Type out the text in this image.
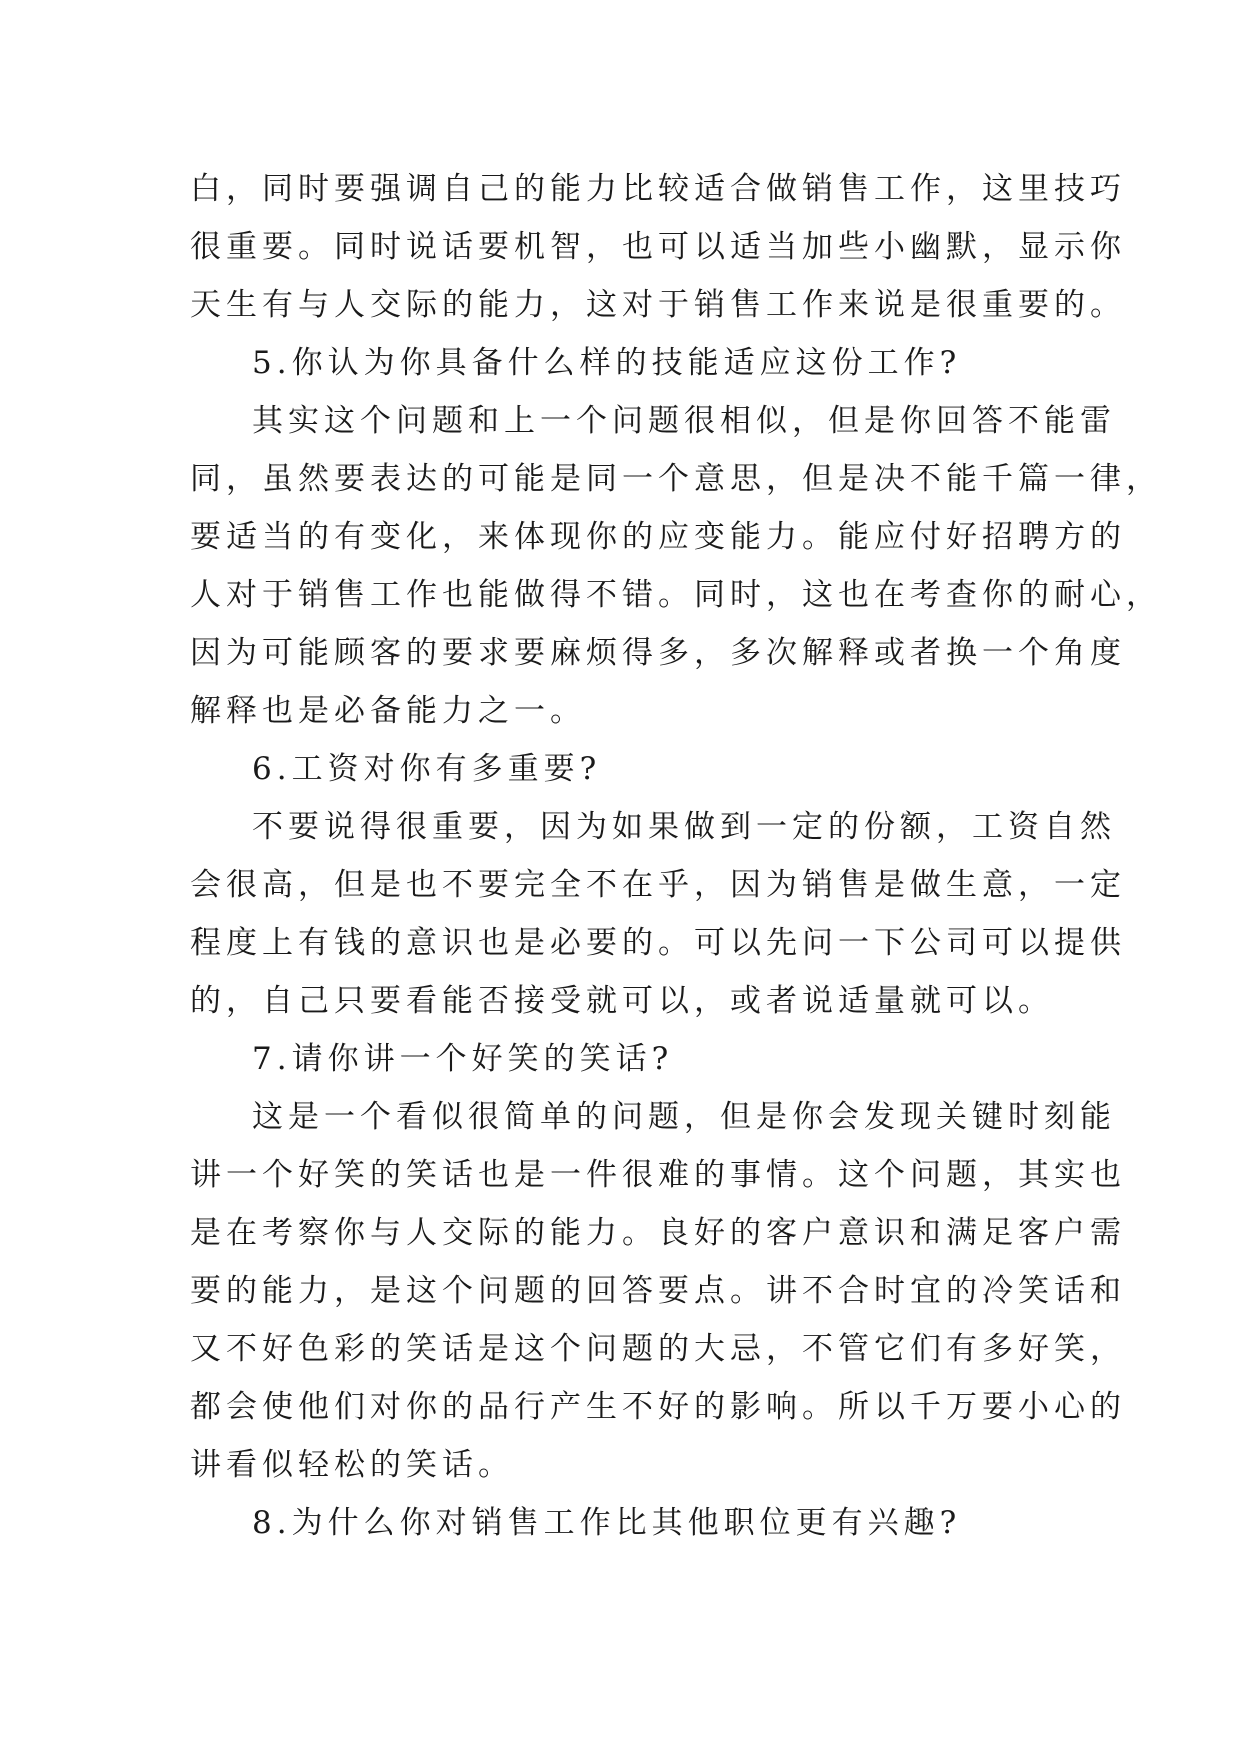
白，同时要强调自己的能力比较适合做销售工作，这里技巧
很重要。同时说话要机智，也可以适当加些小幽默，显示你
天生有与人交际的能力，这对于销售工作来说是很重要的。
5.你认为你具备什么样的技能适应这份工作?
其实这个问题和上一个问题很相似，但是你回答不能雷
同，虽然要表达的可能是同一个意思，但是决不能千篇一律，
要适当的有变化，来体现你的应变能力。能应付好招聘方的
人对于销售工作也能做得不错。同时，这也在考查你的耐心，
因为可能顾客的要求要麻烦得多，多次解释或者换一个角度
解释也是必备能力之一。
6.工资对你有多重要?
不要说得很重要，因为如果做到一定的份额，工资自然
会很高，但是也不要完全不在乎，因为销售是做生意，一定
程度上有钱的意识也是必要的。可以先问一下公司可以提供
的，自己只要看能否接受就可以，或者说适量就可以。
7.请你讲一个好笑的笑话?
这是一个看似很简单的问题，但是你会发现关键时刻能
讲一个好笑的笑话也是一件很难的事情。这个问题，其实也
是在考察你与人交际的能力。良好的客户意识和满足客户需
要的能力，是这个问题的回答要点。讲不合时宜的冷笑话和
又不好色彩的笑话是这个问题的大忌，不管它们有多好笑，
都会使他们对你的品行产生不好的影响。所以千万要小心的
讲看似轻松的笑话。
8.为什么你对销售工作比其他职位更有兴趣?
